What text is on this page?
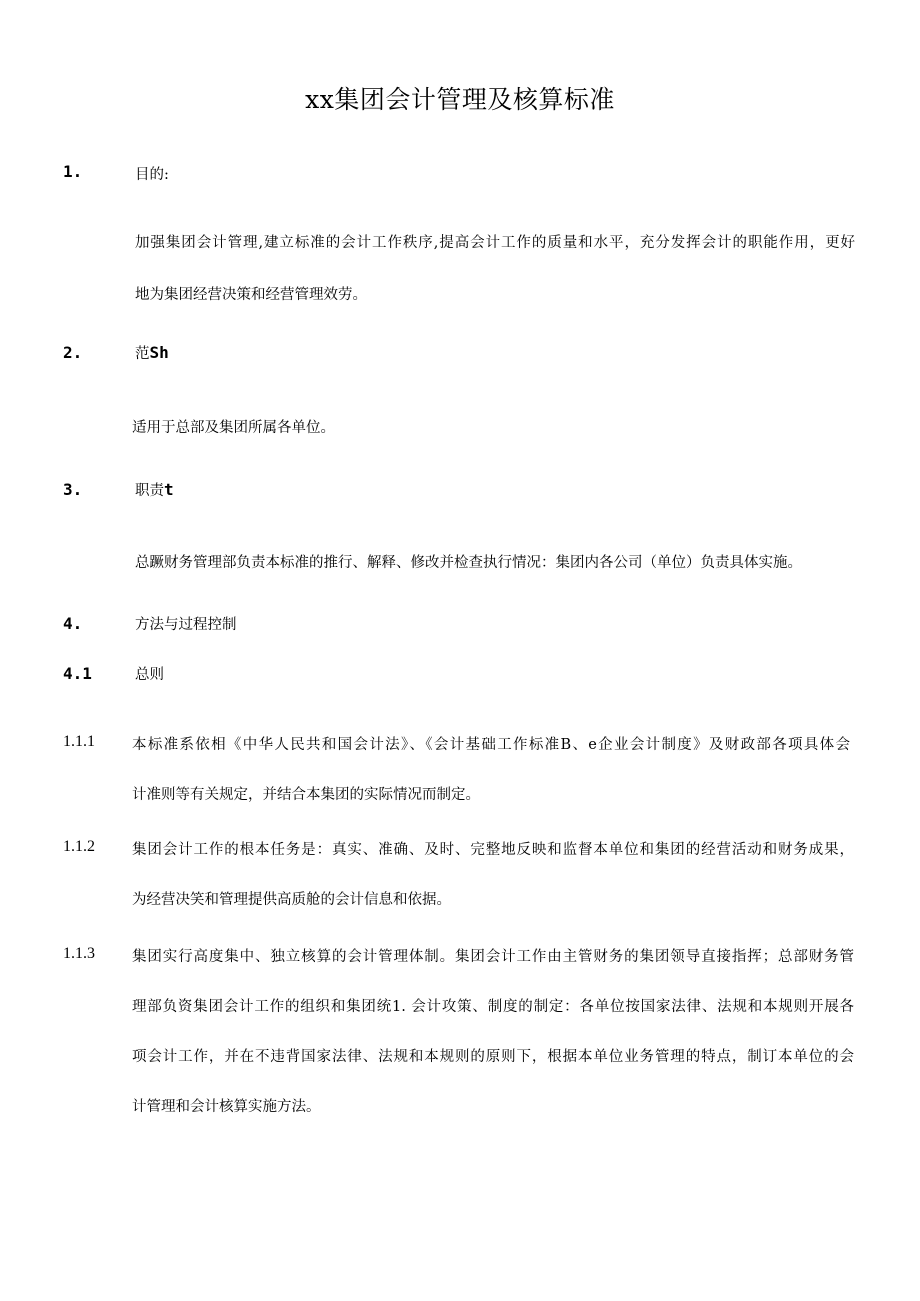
xx集团会计管理及核算标准
1.	目的:
加强集团会计管理,建立标准的会计工作秩序,提高会计工作的质量和水平，充分发挥会计的职能作用，更好
地为集团经营决策和经营管理效劳。
2.	范Sh
适用于总部及集团所属各单位。
3.	职责t
总蹶财务管理部负责本标准的推行、解释、修改并检查执行情况：集团内各公司（单位）负责具体实施。
4.	方法与过程控制
4.1	总则
1.1.1	本标准系依相《中华人民共和国会计法》、《会计基础工作标准B、e企业会计制度》及财政部各项具体会
计准则等有关规定，并结合本集团的实际情况而制定。
1.1.2	集团会计工作的根本任务是：真实、准确、及时、完整地反映和监督本单位和集团的经营活动和财务成果，
为经营决笑和管理提供高质舱的会计信息和依据。
1.1.3	集团实行高度集中、独立核算的会计管理体制。集团会计工作由主管财务的集团领导直接指挥；总部财务管
理部负资集团会计工作的组织和集团统1. 会计攻策、制度的制定：各单位按国家法律、法规和本规则开展各
项会计工作，并在不违背国家法律、法规和本规则的原则下，根据本单位业务管理的特点，制订本单位的会
计管理和会计核算实施方法。
